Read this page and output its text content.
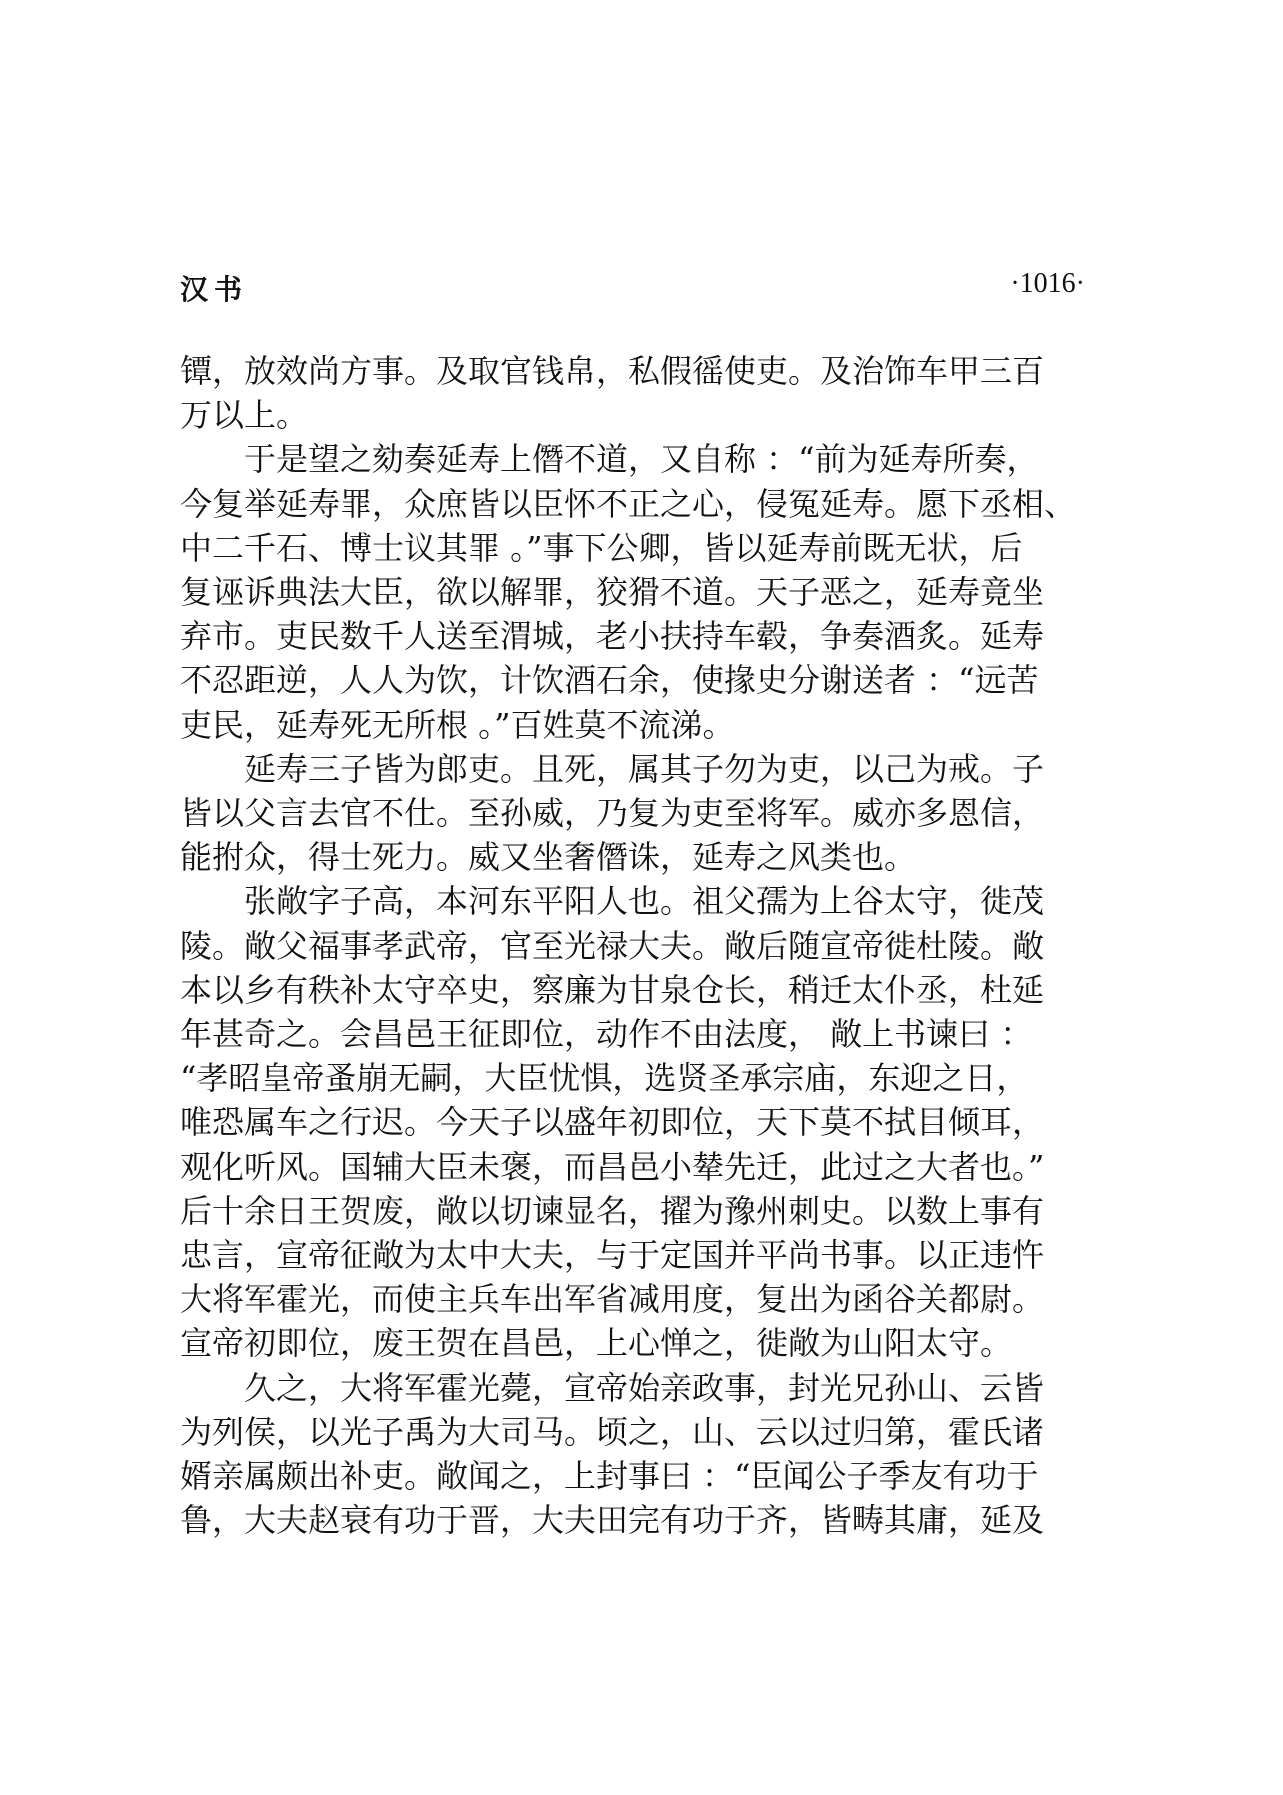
汉书	·1016·

镡，放效尚方事。及取官钱帛，私假徭使吏。及治饰车甲三百
万以上。

　　于是望之劾奏延寿上僭不道，又自称 ：“前为延寿所奏，
今复举延寿罪，众庶皆以臣怀不正之心，侵冤延寿。愿下丞相、
中二千石、博士议其罪 。”事下公卿，皆以延寿前既无状，后
复诬诉典法大臣，欲以解罪，狡猾不道。天子恶之，延寿竟坐
弃市。吏民数千人送至渭城，老小扶持车毂，争奏酒炙。延寿
不忍距逆，人人为饮，计饮酒石余，使掾史分谢送者 ：“远苦
吏民，延寿死无所根 。”百姓莫不流涕。

　　延寿三子皆为郎吏。且死，属其子勿为吏，以己为戒。子
皆以父言去官不仕。至孙威，乃复为吏至将军。威亦多恩信，
能拊众，得士死力。威又坐奢僭诛，延寿之风类也。

　　张敞字子高，本河东平阳人也。祖父孺为上谷太守，徙茂
陵。敞父福事孝武帝，官至光禄大夫。敞后随宣帝徙杜陵。敞
本以乡有秩补太守卒史，察廉为甘泉仓长，稍迁太仆丞，杜延
年甚奇之。会昌邑王征即位，动作不由法度， 敞上书谏曰 ：
“孝昭皇帝蚤崩无嗣，大臣忧惧，选贤圣承宗庙，东迎之日，
唯恐属车之行迟。今天子以盛年初即位，天下莫不拭目倾耳，
观化听风。国辅大臣未褒，而昌邑小辇先迁，此过之大者也。”
后十余日王贺废，敞以切谏显名，擢为豫州刺史。以数上事有
忠言，宣帝征敞为太中大夫，与于定国并平尚书事。以正违忤
大将军霍光，而使主兵车出军省减用度，复出为函谷关都尉。
宣帝初即位，废王贺在昌邑，上心惮之，徙敞为山阳太守。

　　久之，大将军霍光薨，宣帝始亲政事，封光兄孙山、云皆
为列侯，以光子禹为大司马。顷之，山、云以过归第，霍氏诸
婿亲属颇出补吏。敞闻之，上封事曰 ：“臣闻公子季友有功于
鲁，大夫赵衰有功于晋，大夫田完有功于齐，皆畴其庸，延及
